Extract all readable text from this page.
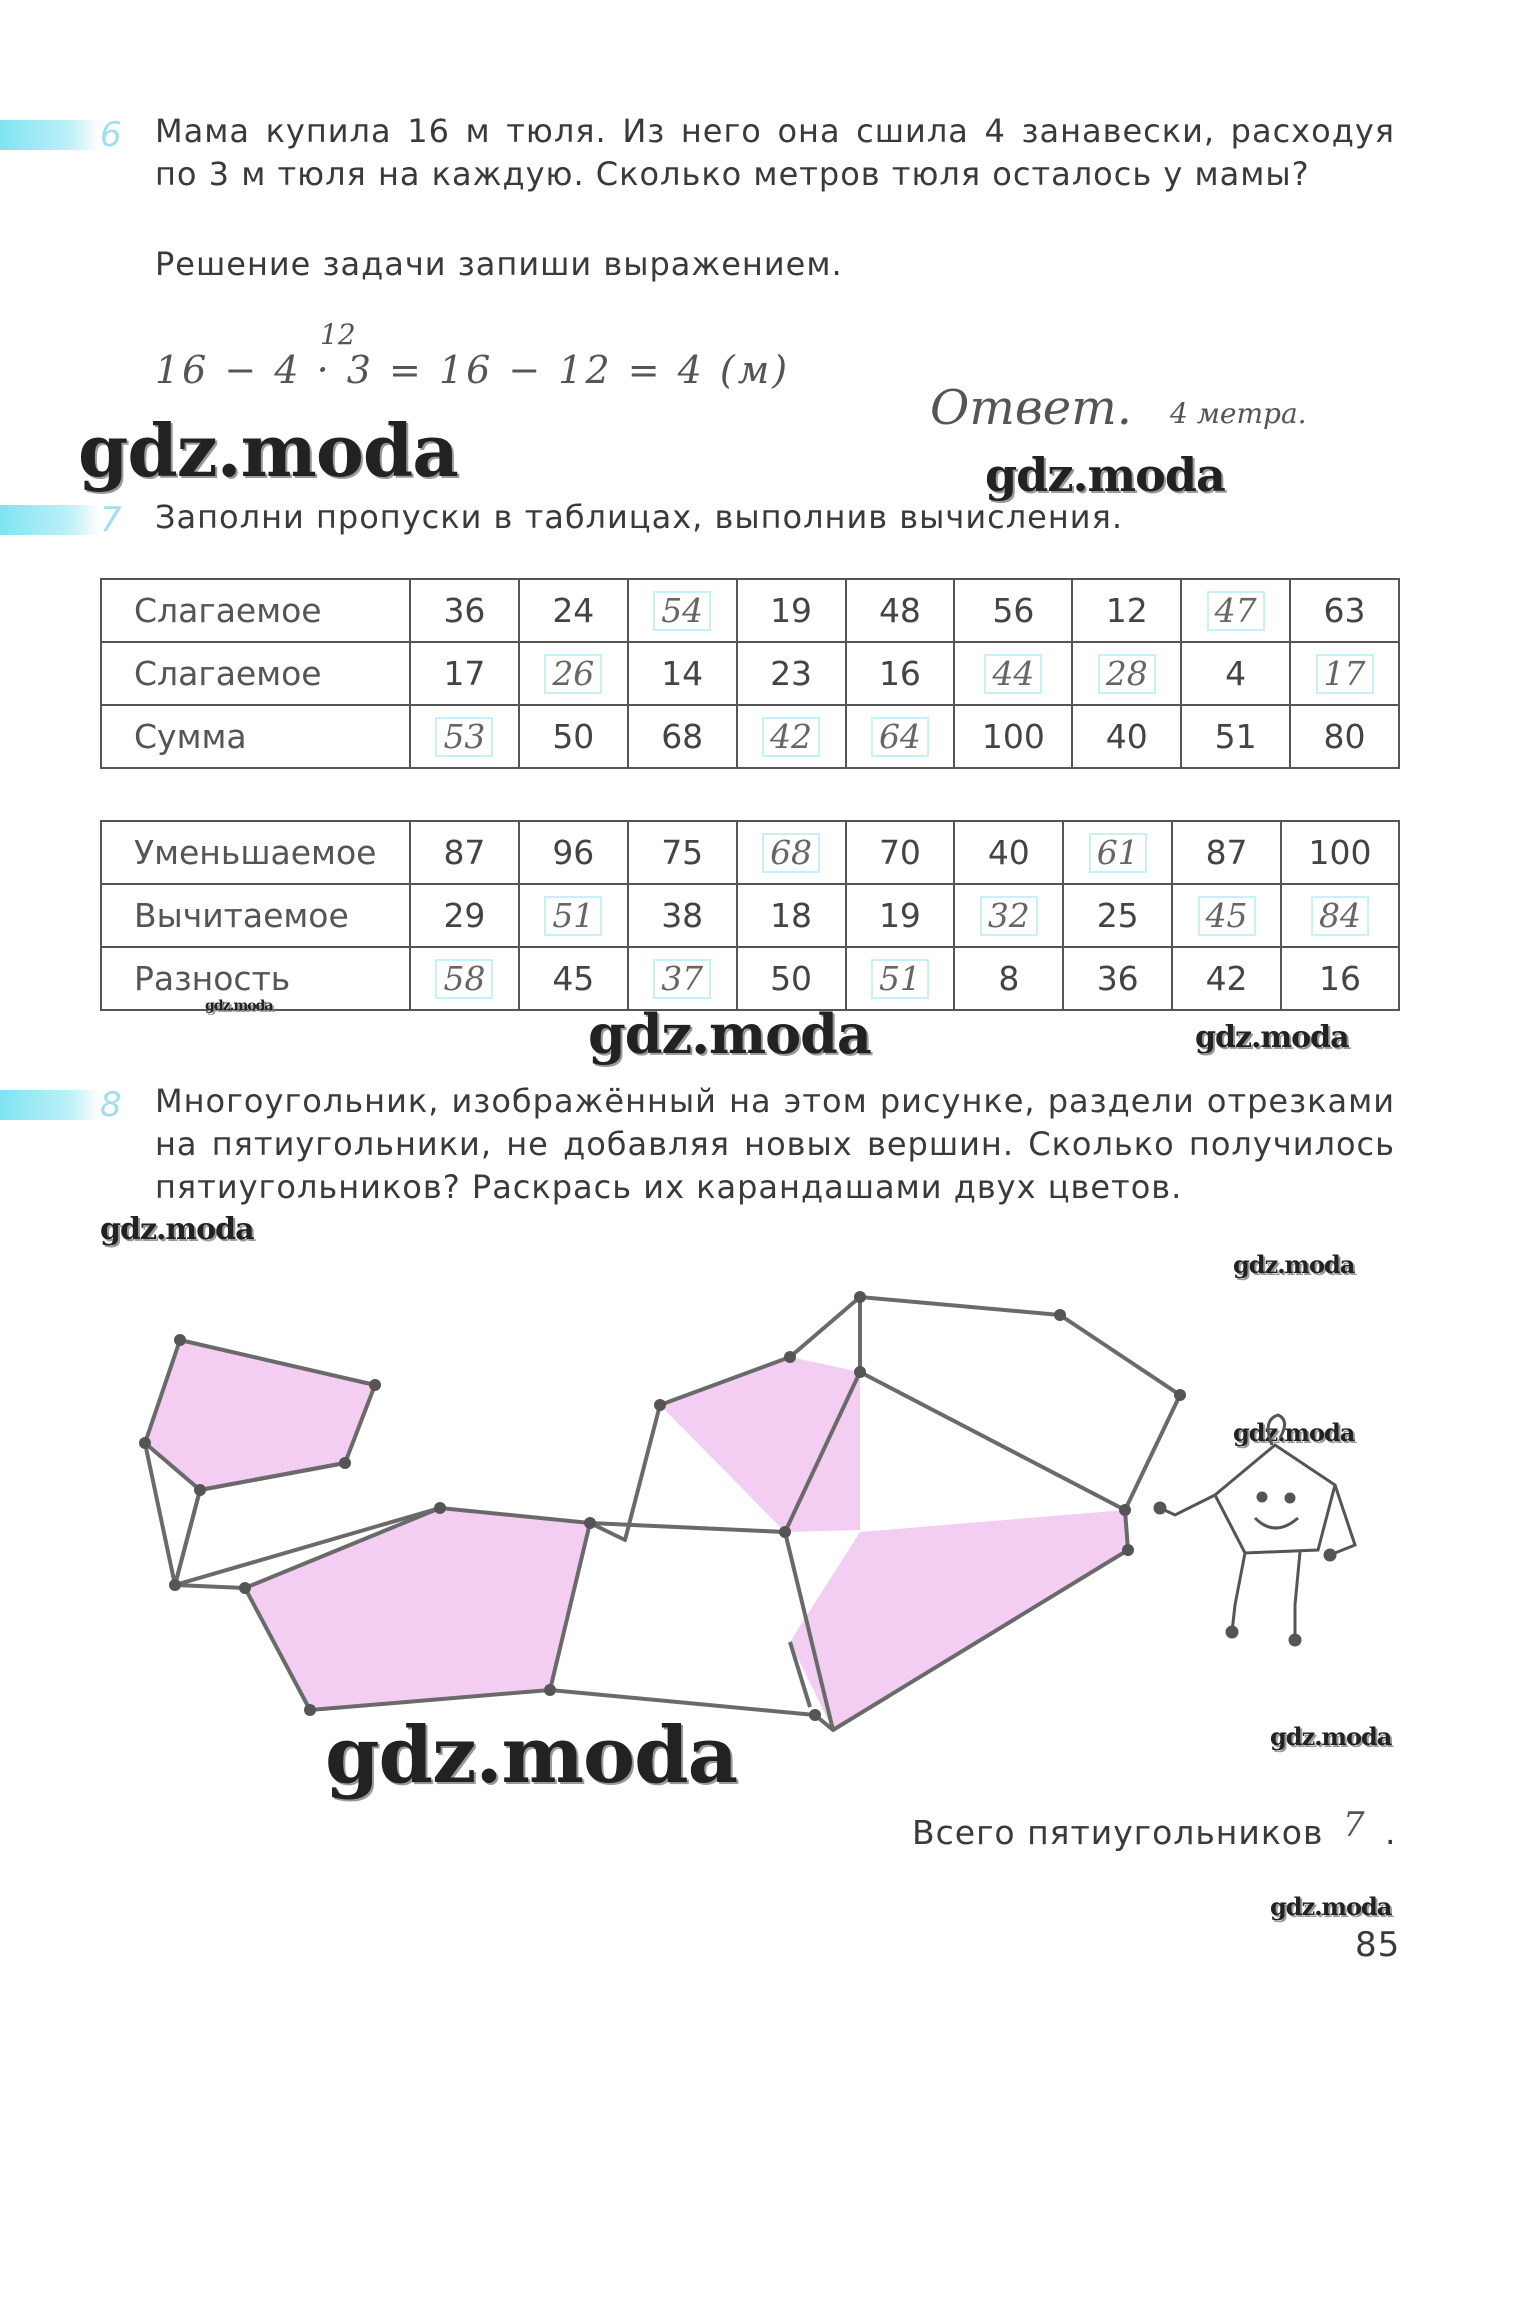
6 Мама купила 16 м тюля. Из него она сшила 4 занавески, расходуя по 3 м тюля на каждую. Сколько метров тюля осталось у мамы?
Решение задачи запиши выражением.
12
16 − 4 · 3 = 16 − 12 = 4 (м)
Ответ. 4 метра.
gdz.moda	gdz.moda
7 Заполни пропуски в таблицах, выполнив вычисления.
Слагаемое	36	24	54	19	48	56	12	47	63
Слагаемое	17	26	14	23	16	44	28	4	17
Сумма	53	50	68	42	64	100	40	51	80
Уменьшаемое	87	96	75	68	70	40	61	87	100
Вычитаемое	29	51	38	18	19	32	25	45	84
Разность	58	45	37	50	51	8	36	42	16
gdz.moda	gdz.moda	gdz.moda
8 Многоугольник, изображённый на этом рисунке, раздели отрезками на пятиугольники, не добавляя новых вершин. Сколько получилось пятиугольников? Раскрась их карандашами двух цветов.
gdz.moda
gdz.moda
gdz.moda
gdz.moda	gdz.moda
Всего пятиугольников 7 .
gdz.moda
85
